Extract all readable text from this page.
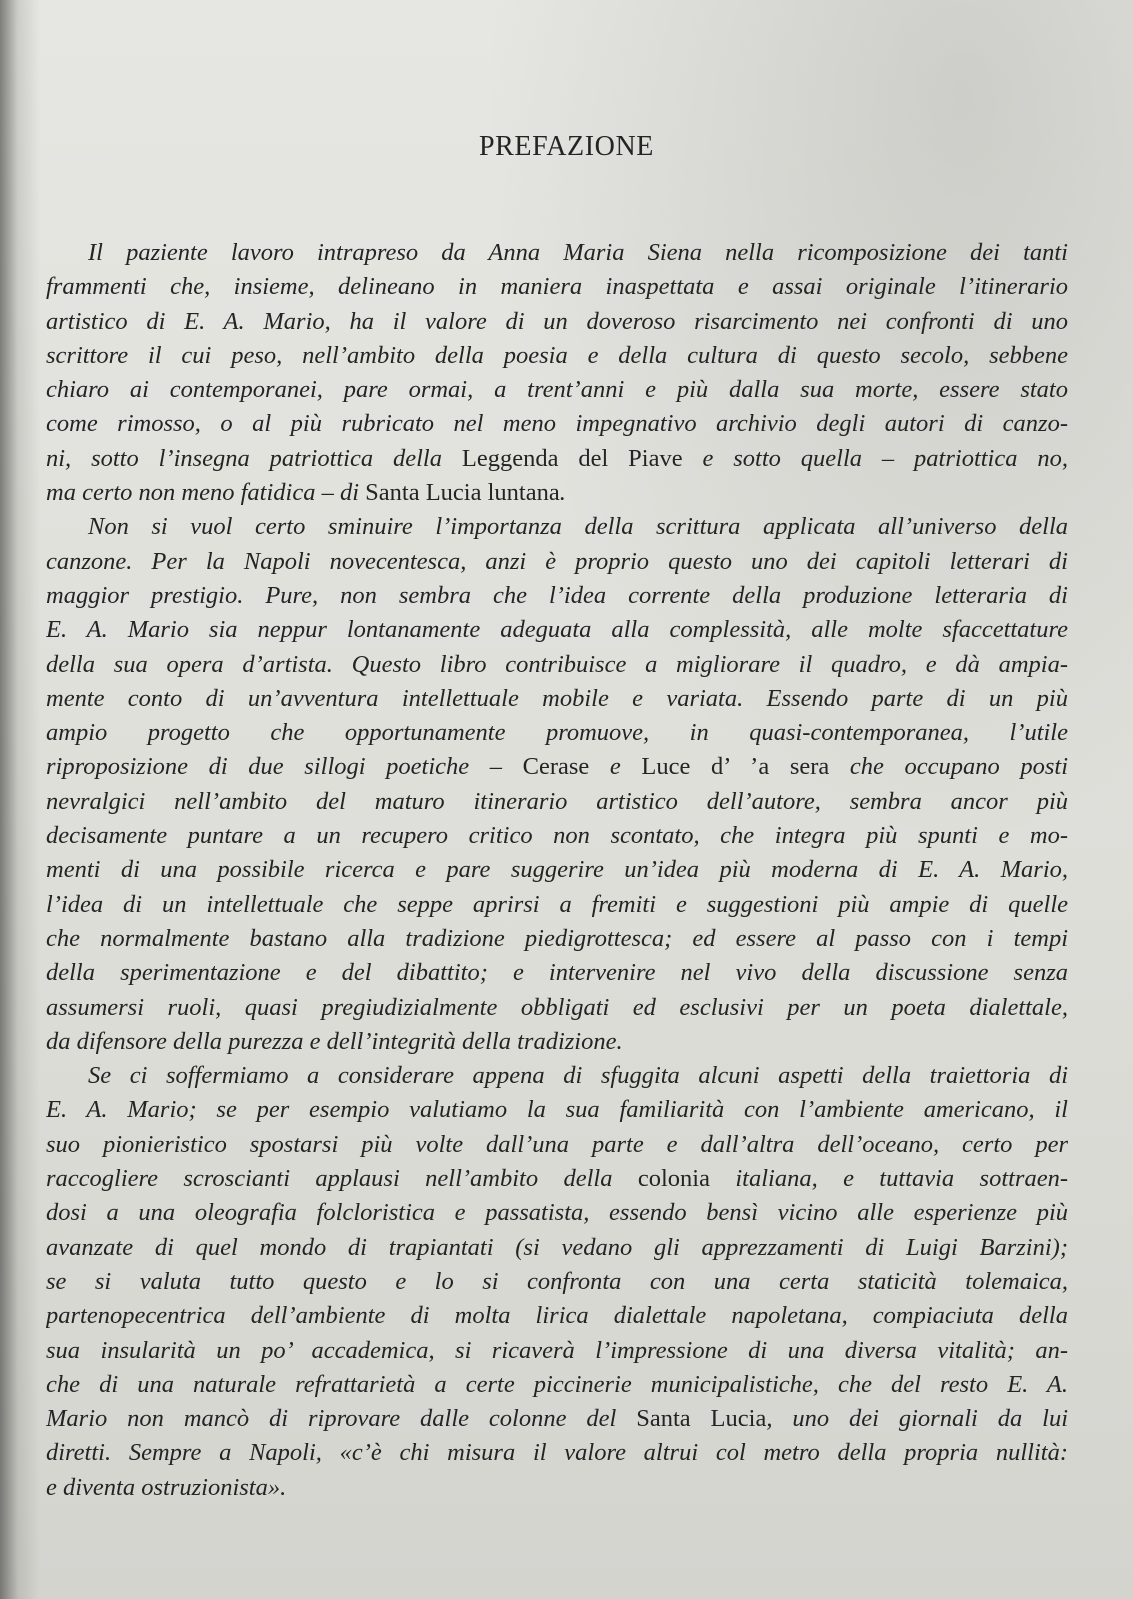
PREFAZIONE
Il paziente lavoro intrapreso da Anna Maria Siena nella ricomposizione dei tanti
frammenti che, insieme, delineano in maniera inaspettata e assai originale l’itinerario
artistico di E. A. Mario, ha il valore di un doveroso risarcimento nei confronti di uno
scrittore il cui peso, nell’ambito della poesia e della cultura di questo secolo, sebbene
chiaro ai contemporanei, pare ormai, a trent’anni e più dalla sua morte, essere stato
come rimosso, o al più rubricato nel meno impegnativo archivio degli autori di canzo-
ni, sotto l’insegna patriottica della Leggenda del Piave e sotto quella – patriottica no,
ma certo non meno fatidica – di Santa Lucia luntana.
Non si vuol certo sminuire l’importanza della scrittura applicata all’universo della
canzone. Per la Napoli novecentesca, anzi è proprio questo uno dei capitoli letterari di
maggior prestigio. Pure, non sembra che l’idea corrente della produzione letteraria di
E. A. Mario sia neppur lontanamente adeguata alla complessità, alle molte sfaccettature
della sua opera d’artista. Questo libro contribuisce a migliorare il quadro, e dà ampia-
mente conto di un’avventura intellettuale mobile e variata. Essendo parte di un più
ampio progetto che opportunamente promuove, in quasi-contemporanea, l’utile
riproposizione di due sillogi poetiche – Cerase e Luce d’ ’a sera che occupano posti
nevralgici nell’ambito del maturo itinerario artistico dell’autore, sembra ancor più
decisamente puntare a un recupero critico non scontato, che integra più spunti e mo-
menti di una possibile ricerca e pare suggerire un’idea più moderna di E. A. Mario,
l’idea di un intellettuale che seppe aprirsi a fremiti e suggestioni più ampie di quelle
che normalmente bastano alla tradizione piedigrottesca; ed essere al passo con i tempi
della sperimentazione e del dibattito; e intervenire nel vivo della discussione senza
assumersi ruoli, quasi pregiudizialmente obbligati ed esclusivi per un poeta dialettale,
da difensore della purezza e dell’integrità della tradizione.
Se ci soffermiamo a considerare appena di sfuggita alcuni aspetti della traiettoria di
E. A. Mario; se per esempio valutiamo la sua familiarità con l’ambiente americano, il
suo pionieristico spostarsi più volte dall’una parte e dall’altra dell’oceano, certo per
raccogliere scroscianti applausi nell’ambito della colonia italiana, e tuttavia sottraen-
dosi a una oleografia folcloristica e passatista, essendo bensì vicino alle esperienze più
avanzate di quel mondo di trapiantati (si vedano gli apprezzamenti di Luigi Barzini);
se si valuta tutto questo e lo si confronta con una certa staticità tolemaica,
partenopecentrica dell’ambiente di molta lirica dialettale napoletana, compiaciuta della
sua insularità un po’ accademica, si ricaverà l’impressione di una diversa vitalità; an-
che di una naturale refrattarietà a certe piccinerie municipalistiche, che del resto E. A.
Mario non mancò di riprovare dalle colonne del Santa Lucia, uno dei giornali da lui
diretti. Sempre a Napoli, «c’è chi misura il valore altrui col metro della propria nullità:
e diventa ostruzionista».
